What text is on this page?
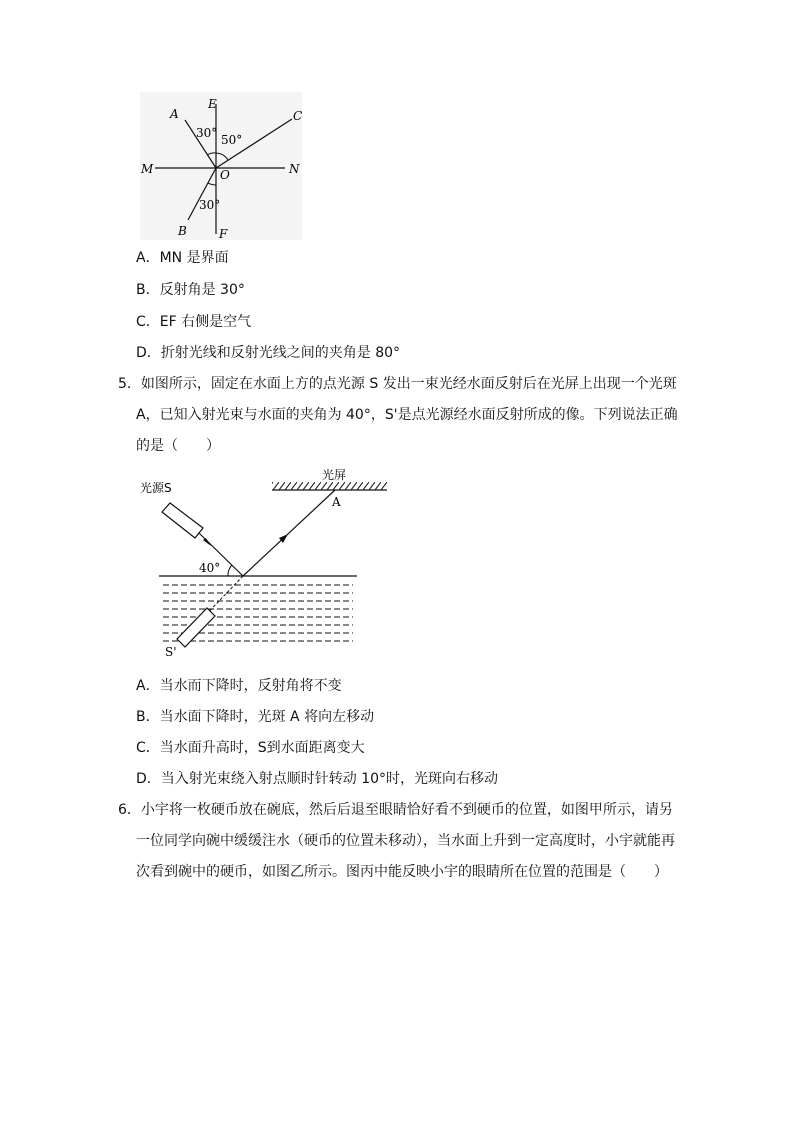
A
E
C
M	N
O
B	F
30° 50°
30°
A．MN 是界面
B．反射角是 30°
C．EF 右侧是空气
D．折射光线和反射光线之间的夹角是 80°
5．如图所示，固定在水面上方的点光源 S 发出一束光经水面反射后在光屏上出现一个光斑
A，已知入射光束与水面的夹角为 40°，S'是点光源经水面反射所成的像。下列说法正确
的是（　　）
光屏
A
光源S
S'
40°
A．当水而下降时，反射角将不变
B．当水面下降时，光斑 A 将向左移动
C．当水面升高时，S到水面距离变大
D．当入射光束绕入射点顺时针转动 10°时，光斑向右移动
6．小宇将一枚硬币放在碗底，然后后退至眼睛恰好看不到硬币的位置，如图甲所示，请另
一位同学向碗中缓缓注水（硬币的位置未移动），当水面上升到一定高度时，小宇就能再
次看到碗中的硬币，如图乙所示。图丙中能反映小宇的眼睛所在位置的范围是（　　）
